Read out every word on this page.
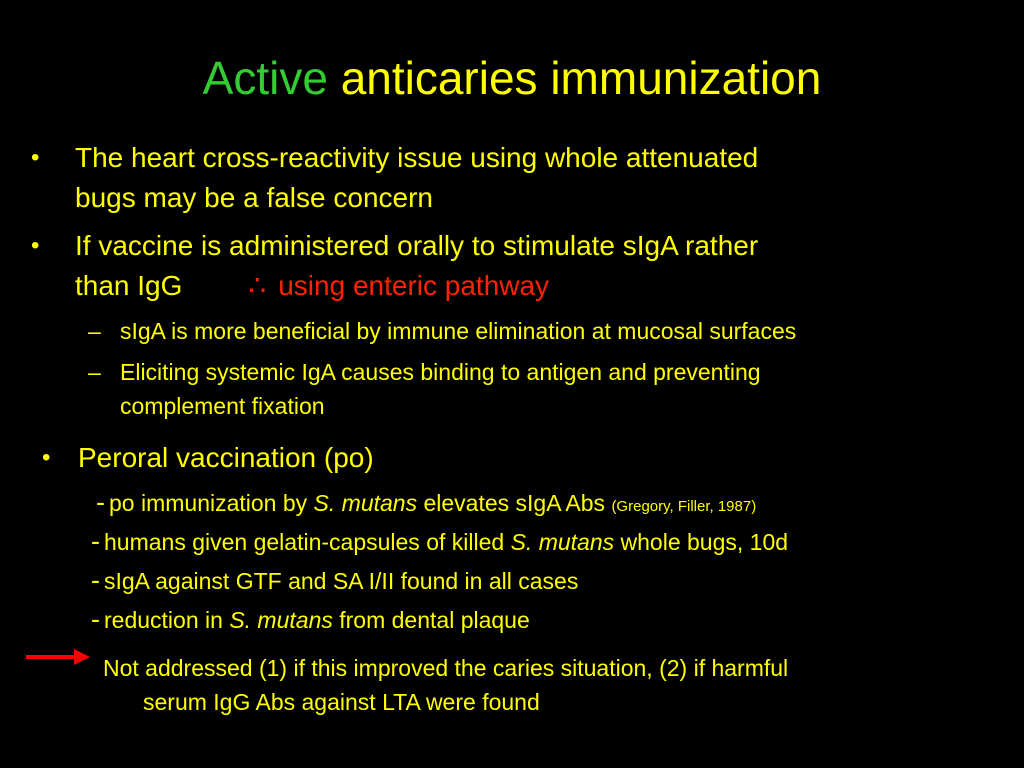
Active anticaries immunization
• The heart cross-reactivity issue using whole attenuated
bugs may be a false concern
• If vaccine is administered orally to stimulate sIgA rather
than IgG ∴ using enteric pathway
– sIgA is more beneficial by immune elimination at mucosal surfaces
– Eliciting systemic IgA causes binding to antigen and preventing
complement fixation
• Peroral vaccination (po)
- po immunization by S. mutans elevates sIgA Abs (Gregory, Filler, 1987)
- humans given gelatin-capsules of killed S. mutans whole bugs, 10d
- sIgA against GTF and SA I/II found in all cases
- reduction in S. mutans from dental plaque
Not addressed (1) if this improved the caries situation, (2) if harmful
serum IgG Abs against LTA were found
